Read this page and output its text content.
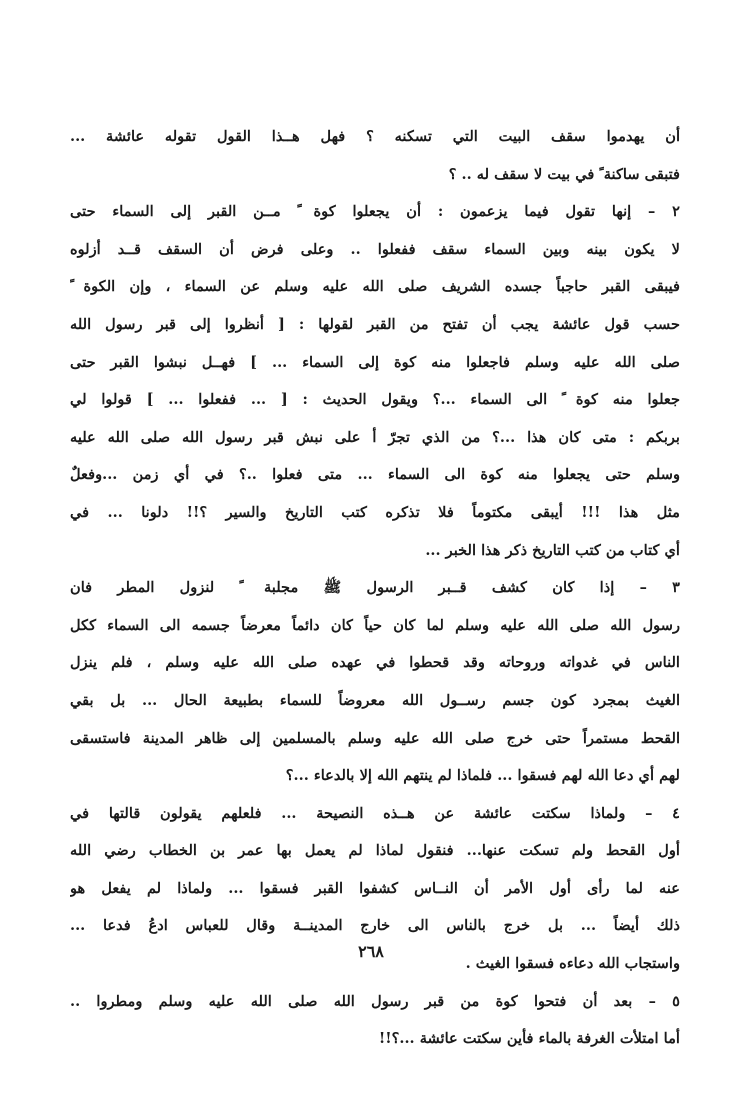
أن يهدموا سقف البيت التي تسكنه ؟ فهل هــذا القول تقوله عائشة ...
فتبقى ساكنة ً في بيت لا سقف له .. ؟
٢ً – إنها تقول فيما يزعمون : أن يجعلوا كوة ً مــن القبر إلى السماء حتى
لا يكون بينه وبين السماء سقف ففعلوا .. وعلى فرض أن السقف قــد أزلوه
فيبقى القبر حاجباً جسده الشريف صلى الله عليه وسلم عن السماء ، وإن الكوة ً
حسب قول عائشة يجب أن تفتح من القبر لقولها : [ أنظروا إلى قبر رسول الله
صلى الله عليه وسلم فاجعلوا منه كوة إلى السماء ... ] فهــل نبشوا القبر حتى
جعلوا منه كوة ً الى السماء ...؟ ويقول الحديث : [ ... ففعلوا ... ] قولوا لي
بربكم : متى كان هذا ...؟ من الذي تجرّ أ على نبش قبر رسول الله صلى الله عليه
وسلم حتى يجعلوا منه كوة الى السماء ... متى فعلوا ..؟ في أي زمن ...وفعلٌ
مثل هذا !!! أيبقى مكتوماً فلا تذكره كتب التاريخ والسير ؟!! دلونا ... في
أي كتاب من كتب التاريخ ذكر هذا الخبر ...
٣ً – إذا كان كشف قــبر الرسول ﷺ مجلبة ً لنزول المطر فان
رسول الله صلى الله عليه وسلم لما كان حياً كان دائماً معرضاً جسمه الى السماء ككل
الناس في غدواته وروحاته وقد قحطوا في عهده صلى الله عليه وسلم ، فلم ينزل
الغيث بمجرد كون جسم رســول الله معروضاً للسماء بطبيعة الحال ... بل بقي
القحط مستمراً حتى خرج صلى الله عليه وسلم بالمسلمين إلى ظاهر المدينة فاستسقى
لهم أي دعا الله لهم فسقوا ... فلماذا لم ينتهم الله إلا بالدعاء ...؟
٤ً – ولماذا سكتت عائشة عن هــذه النصيحة ... فلعلهم يقولون قالتها في
أول القحط ولم تسكت عنها... فنقول لماذا لم يعمل بها عمر بن الخطاب رضي الله
عنه لما رأى أول الأمر أن النــاس كشفوا القبر فسقوا ... ولماذا لم يفعل هو
ذلك أيضاً ... بل خرج بالناس الى خارج المدينــة وقال للعباس ادعُ فدعا ...
واستجاب الله دعاءه فسقوا الغيث .
٥ً – بعد أن فتحوا كوة من قبر رسول الله صلى الله عليه وسلم ومطروا ..
أما امتلأت الغرفة بالماء فأين سكتت عائشة ...؟!!
٢٦٨
